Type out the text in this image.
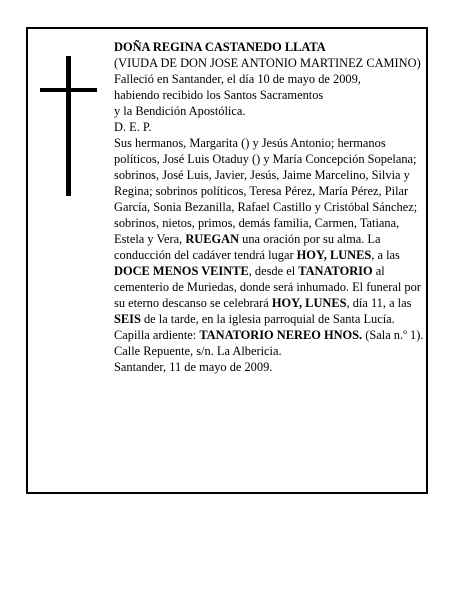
DOÑA REGINA CASTANEDO LLATA

(VIUDA DE DON JOSE ANTONIO MARTINEZ CAMINO)

Falleció en Santander, el día 10 de mayo de 2009,

habiendo recibido los Santos Sacramentos

y la Bendición Apostólica.

D. E. P.

Sus hermanos, Margarita () y Jesús Antonio; hermanos políticos, José Luis Otaduy () y María Concepción Sopelana; sobrinos, José Luis, Javier, Jesús, Jaime Marcelino, Silvia y Regina; sobrinos políticos, Teresa Pérez, María Pérez, Pilar García, Sonia Bezanilla, Rafael Castillo y Cristóbal Sánchez; sobrinos, nietos, primos, demás familia, Carmen, Tatiana, Estela y Vera, RUEGAN una oración por su alma. La conducción del cadáver tendrá lugar HOY, LUNES, a las DOCE MENOS VEINTE, desde el TANATORIO al cementerio de Muriedas, donde será inhumado. El funeral por su eterno descanso se celebrará HOY, LUNES, día 11, a las SEIS de la tarde, en la iglesia parroquial de Santa Lucía.

Capilla ardiente: TANATORIO NEREO HNOS. (Sala n.º 1). Calle Repuente, s/n. La Albericia.

Santander, 11 de mayo de 2009.
